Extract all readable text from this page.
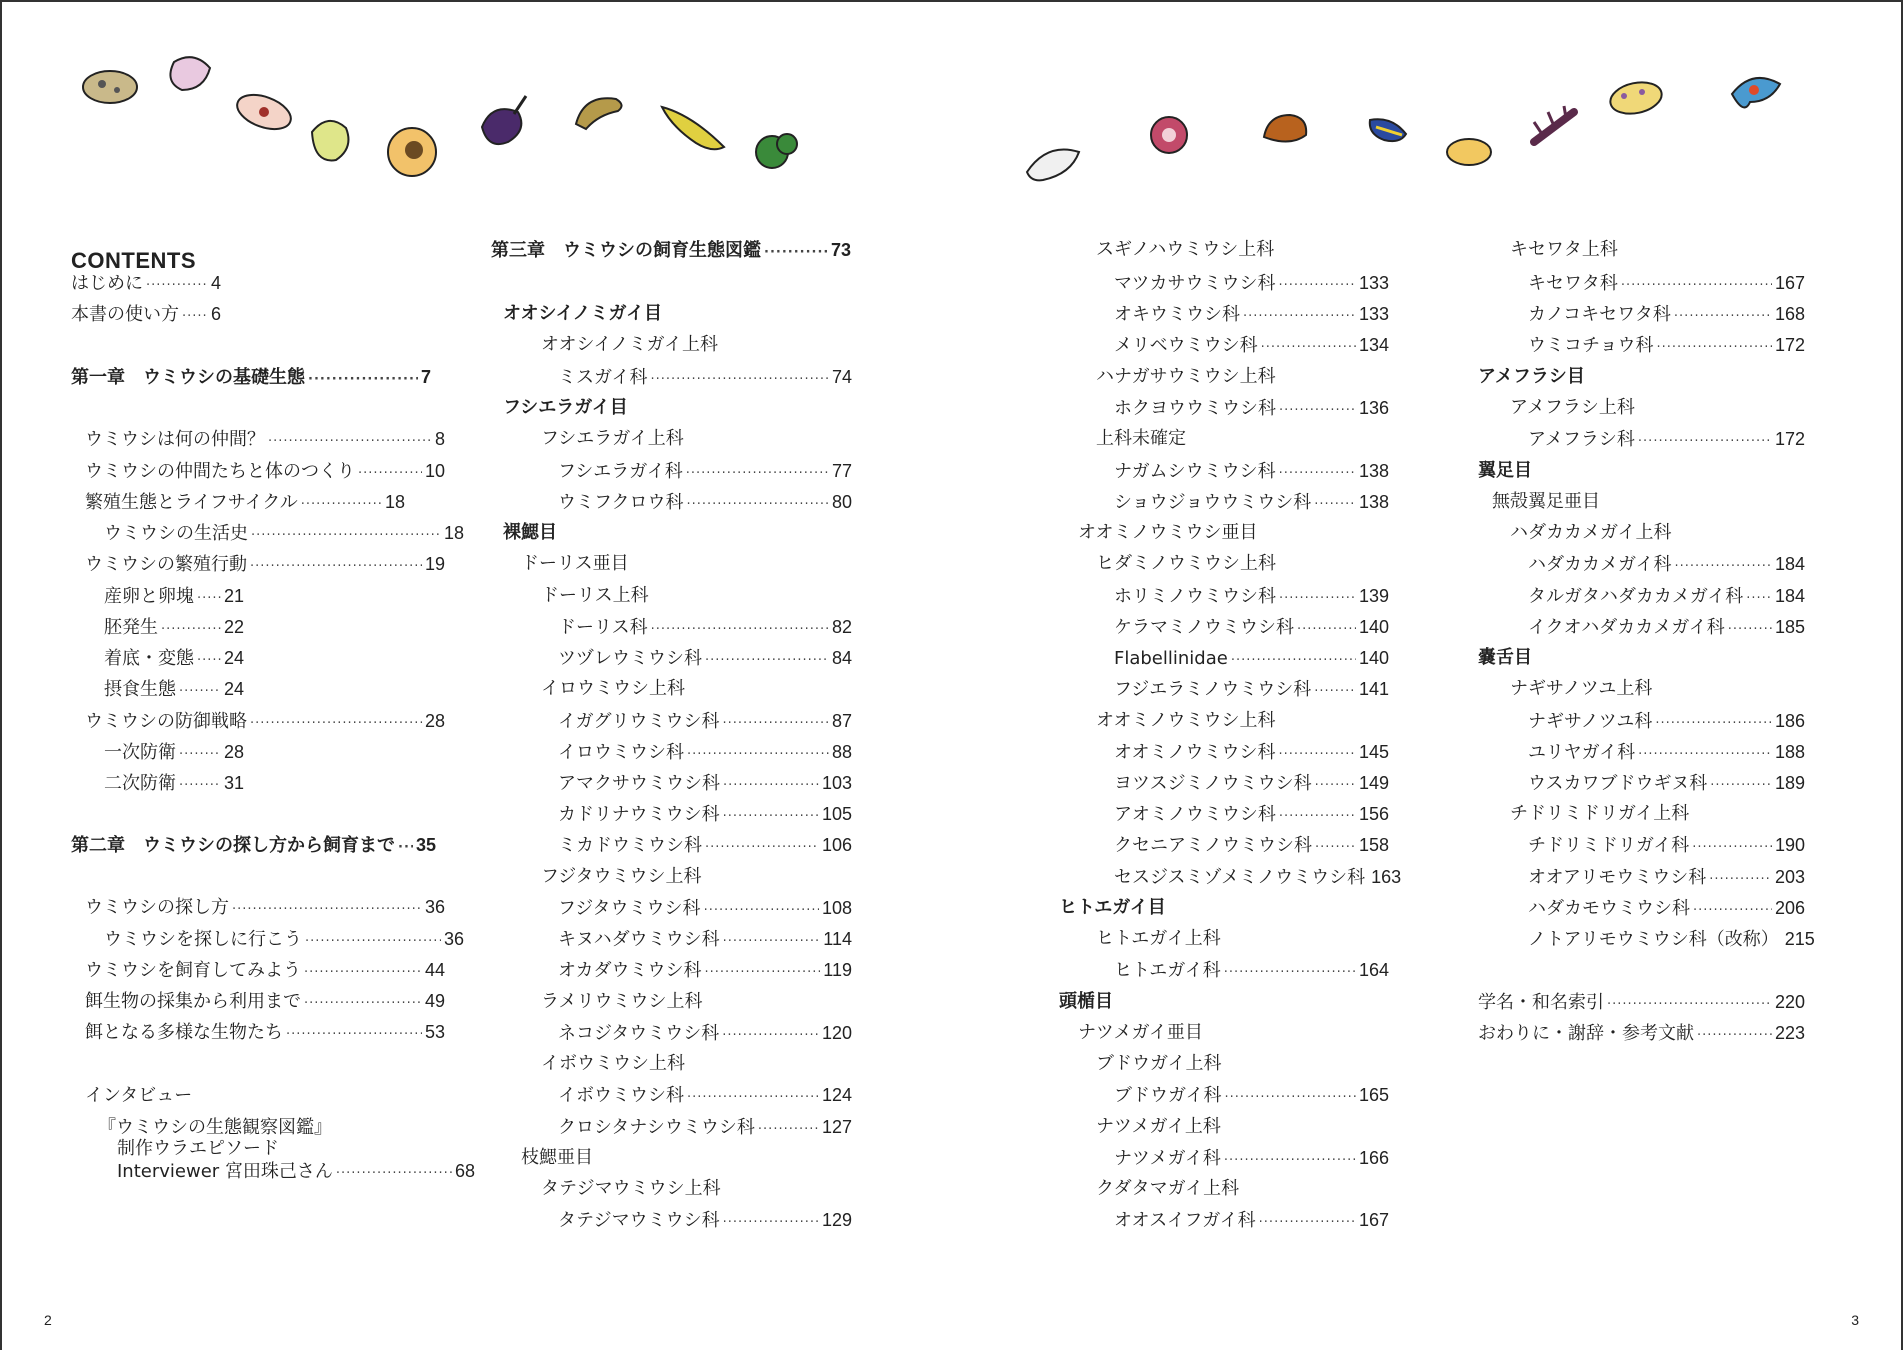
CONTENTS
はじめに ·····	4
本書の使い方 ····· 6
第一章　ウミウシの基礎生態 ·····	7
ウミウシは何の仲間？ ·····	8
ウミウシの仲間たちと体のつくり ·····	10
繁殖生態とライフサイクル ·····	18
ウミウシの生活史 ·····	18
ウミウシの繁殖行動 ·····	19
産卵と卵塊 ····· 21
胚発生 ·····	22
着底・変態 ····· 24
摂食生態 ·····	24
ウミウシの防御戦略 ·····	28
一次防衛 ·····	28
二次防衛 ·····	31
第二章　ウミウシの探し方から飼育まで ····· 35
ウミウシの探し方 ·····	36
ウミウシを探しに行こう ·····	36
ウミウシを飼育してみよう ·····	44
餌生物の採集から利用まで ·····	49
餌となる多様な生物たち ·····	53
インタビュー
『ウミウシの生態観察図鑑』
制作ウラエピソード
Interviewer 宮田珠己さん ·····	68
第三章　ウミウシの飼育生態図鑑 ·····	73
オオシイノミガイ目
オオシイノミガイ上科
ミスガイ科 ·····	74
フシエラガイ目
フシエラガイ上科
フシエラガイ科 ·····	77
ウミフクロウ科 ·····	80
裸鰓目
ドーリス亜目
ドーリス上科
ドーリス科 ·····	82
ツヅレウミウシ科 ·····	84
イロウミウシ上科
イガグリウミウシ科 ·····	87
イロウミウシ科 ·····	88
アマクサウミウシ科 ·····	103
カドリナウミウシ科 ·····	105
ミカドウミウシ科 ·····	106
フジタウミウシ上科
フジタウミウシ科 ·····	108
キヌハダウミウシ科 ·····	114
オカダウミウシ科 ·····	119
ラメリウミウシ上科
ネコジタウミウシ科 ·····	120
イボウミウシ上科
イボウミウシ科 ·····	124
クロシタナシウミウシ科 ·····	127
枝鰓亜目
タテジマウミウシ上科
タテジマウミウシ科 ·····	129
スギノハウミウシ上科
マツカサウミウシ科 ·····	133
オキウミウシ科 ·····	133
メリベウミウシ科 ·····	134
ハナガサウミウシ上科
ホクヨウウミウシ科 ·····	136
上科未確定
ナガムシウミウシ科 ·····	138
ショウジョウウミウシ科 ·····	138
オオミノウミウシ亜目
ヒダミノウミウシ上科
ホリミノウミウシ科 ·····	139
ケラマミノウミウシ科 ·····	140
Flabellinidae ·····	140
フジエラミノウミウシ科 ·····	141
オオミノウミウシ上科
オオミノウミウシ科 ·····	145
ヨツスジミノウミウシ科 ·····	149
アオミノウミウシ科 ·····	156
クセニアミノウミウシ科 ·····	158
セスジスミゾメミノウミウシ科 163
ヒトエガイ目
ヒトエガイ上科
ヒトエガイ科 ·····	164
頭楯目
ナツメガイ亜目
ブドウガイ上科
ブドウガイ科 ·····	165
ナツメガイ上科
ナツメガイ科 ·····	166
クダタマガイ上科
オオスイフガイ科 ·····	167
キセワタ上科
キセワタ科 ·····	167
カノコキセワタ科 ·····	168
ウミコチョウ科 ·····	172
アメフラシ目
アメフラシ上科
アメフラシ科 ·····	172
翼足目
無殻翼足亜目
ハダカカメガイ上科
ハダカカメガイ科 ·····	184
タルガタハダカカメガイ科 ····· 184
イクオハダカカメガイ科 ·····	185
嚢舌目
ナギサノツユ上科
ナギサノツユ科 ·····	186
ユリヤガイ科 ·····	188
ウスカワブドウギヌ科 ·····	189
チドリミドリガイ上科
チドリミドリガイ科 ·····	190
オオアリモウミウシ科 ·····	203
ハダカモウミウシ科 ·····	206
ノトアリモウミウシ科（改称） 215
学名・和名索引 ·····	220
おわりに・謝辞・参考文献 ·····	223
2	3
